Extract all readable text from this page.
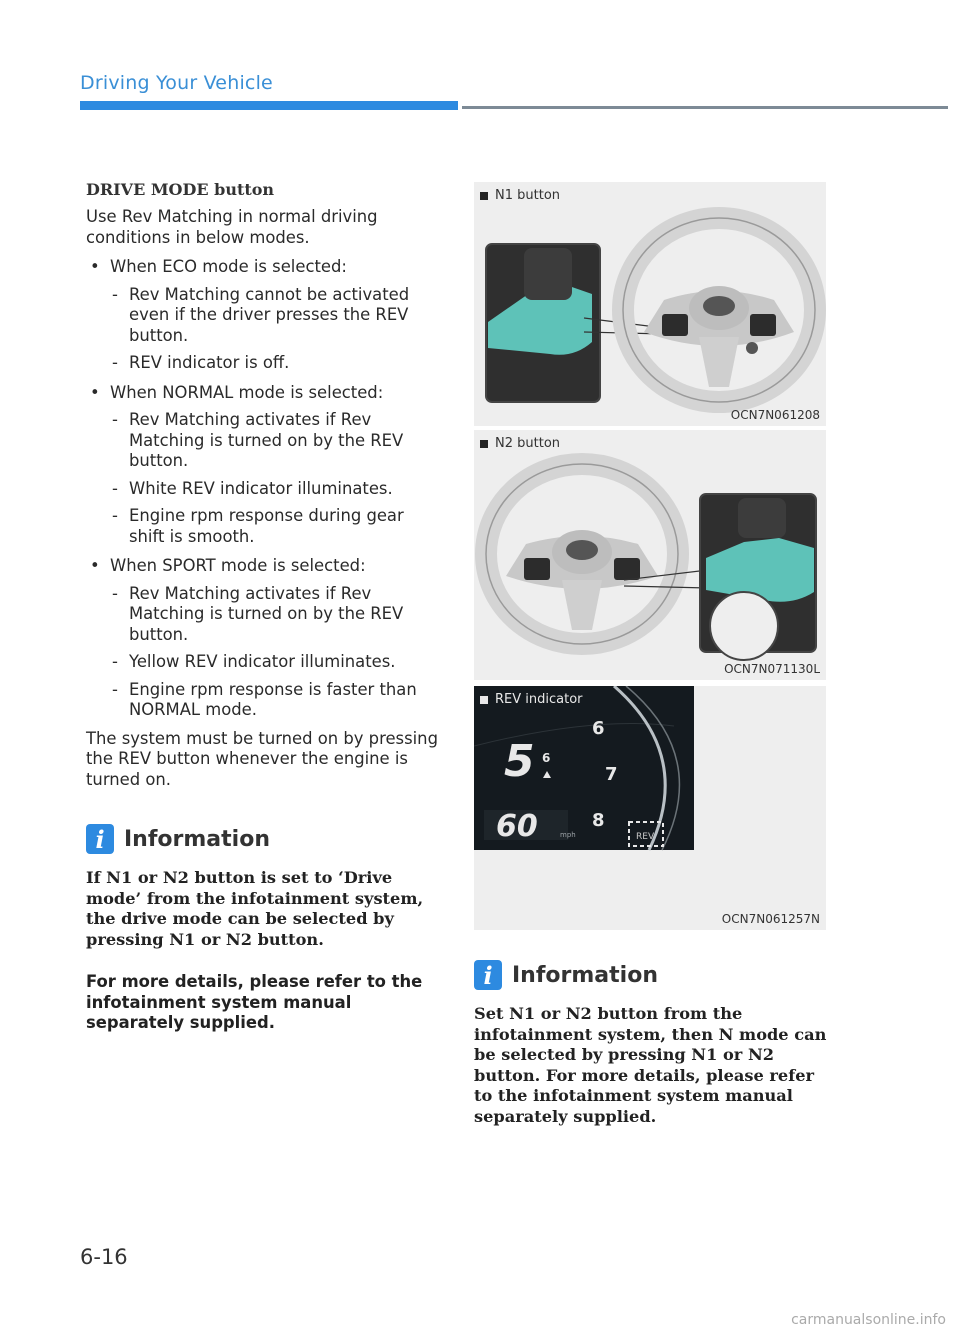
Driving Your Vehicle
DRIVE MODE button
Use Rev Matching in normal driving conditions in below modes.
• When ECO mode is selected:
- Rev Matching cannot be activated even if the driver presses the REV button.
- REV indicator is off.
• When NORMAL mode is selected:
- Rev Matching activates if Rev Matching is turned on by the REV button.
- White REV indicator illuminates.
- Engine rpm response during gear shift is smooth.
• When SPORT mode is selected:
- Rev Matching activates if Rev Matching is turned on by the REV button.
- Yellow REV indicator illuminates.
- Engine rpm response is faster than NORMAL mode.
The system must be turned on by pressing the REV button whenever the engine is turned on.
i Information
If N1 or N2 button is set to ‘Drive mode’ from the infotainment system, the drive mode can be selected by pressing N1 or N2 button.
For more details, please refer to the infotainment system manual separately supplied.
N1 button
OCN7N061208
N2 button
OCN7N071130L
6
7
8
5 6
60	mph	REV
REV indicator
OCN7N061257N
i Information
Set N1 or N2 button from the infotainment system, then N mode can be selected by pressing N1 or N2 button. For more details, please refer to the infotainment system manual separately supplied.
6-16
carmanualsonline.info
